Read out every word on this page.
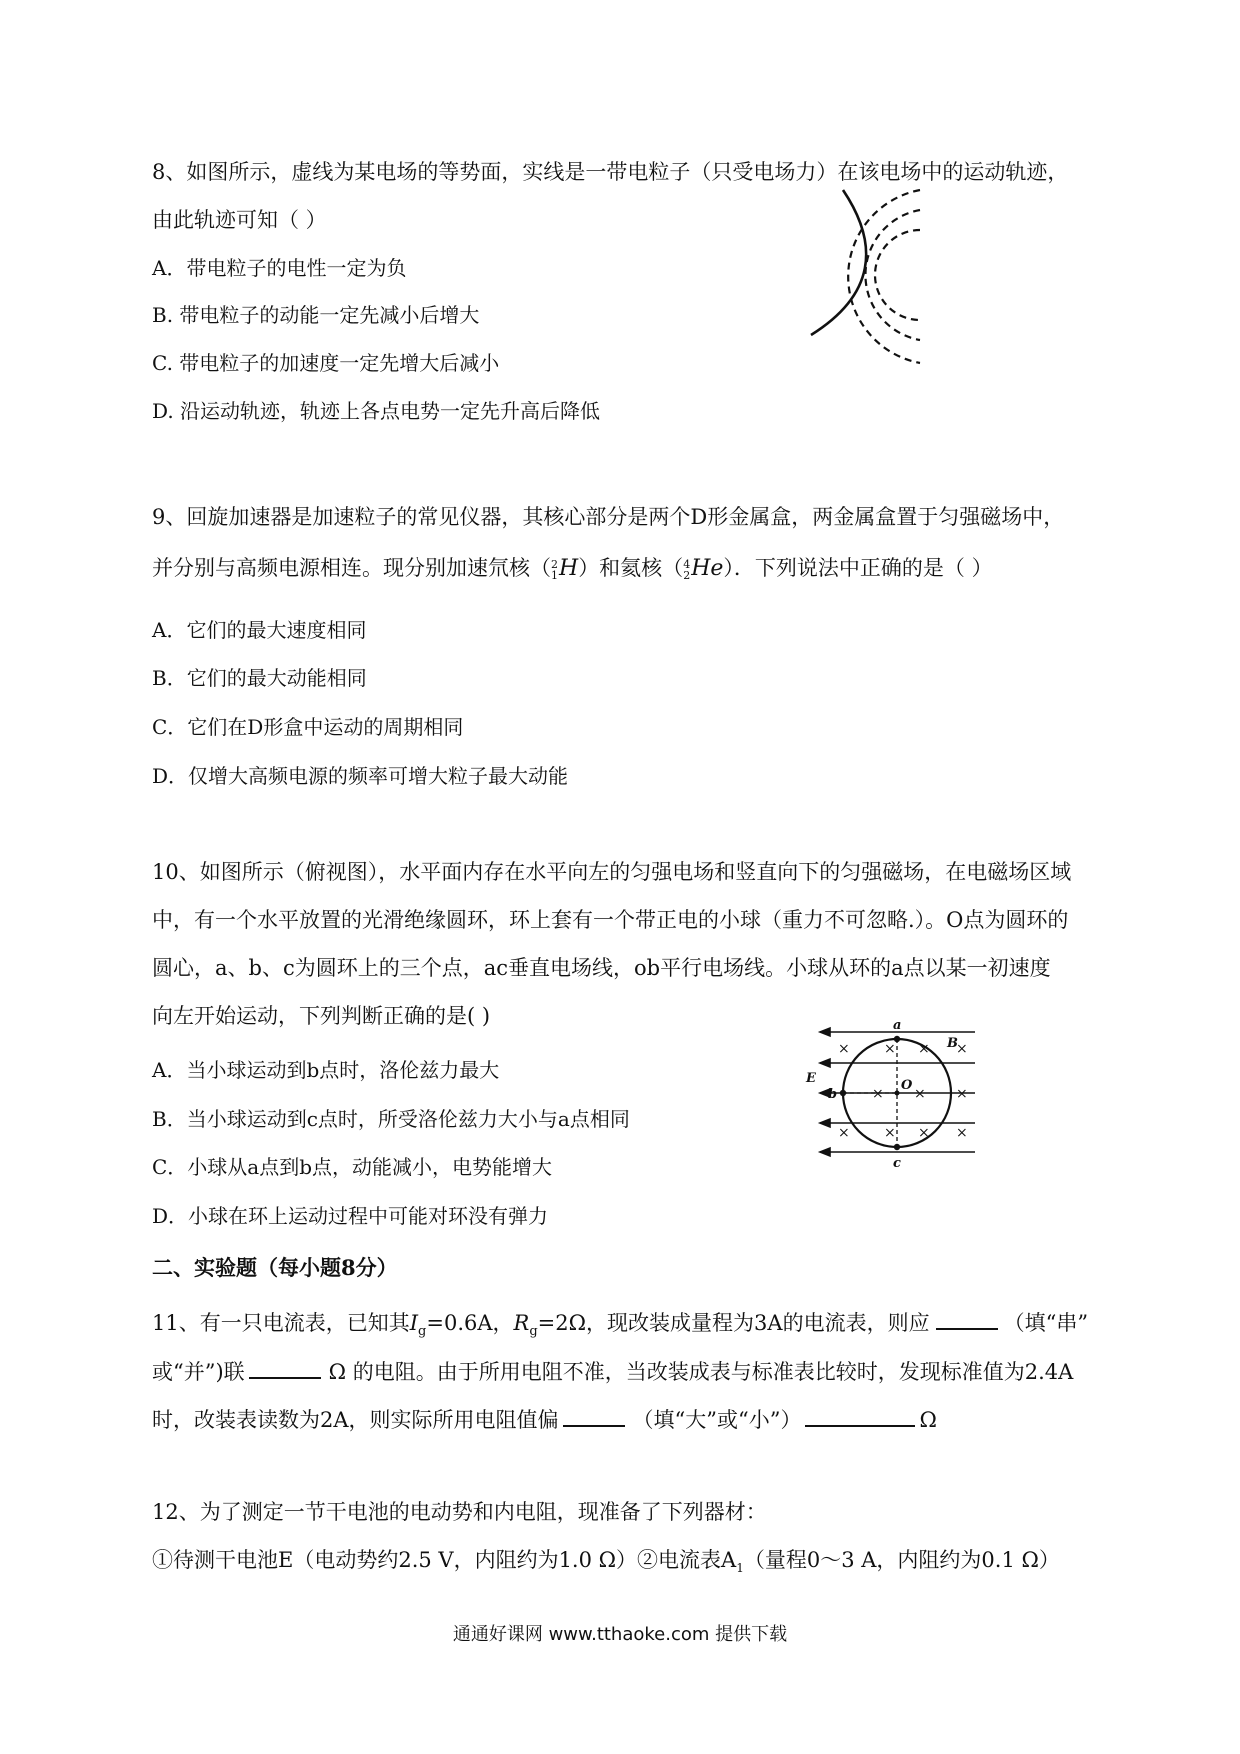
8、如图所示，虚线为某电场的等势面，实线是一带电粒子（只受电场力）在该电场中的运动轨迹，
由此轨迹可知（ ）
A．带电粒子的电性一定为负
B. 带电粒子的动能一定先减小后增大
C. 带电粒子的加速度一定先增大后减小
D. 沿运动轨迹，轨迹上各点电势一定先升高后降低
9、回旋加速器是加速粒子的常见仪器，其核心部分是两个D形金属盒，两金属盒置于匀强磁场中，
并分别与高频电源相连。现分别加速氘核（ 2
1 H）和氦核（ 4
2 He）．下列说法中正确的是（ ）
A．它们的最大速度相同
B．它们的最大动能相同
C．它们在D形盒中运动的周期相同
D．仅增大高频电源的频率可增大粒子最大动能
10、如图所示（俯视图），水平面内存在水平向左的匀强电场和竖直向下的匀强磁场，在电磁场区域
中，有一个水平放置的光滑绝缘圆环，环上套有一个带正电的小球（重力不可忽略.）。O点为圆环的
圆心，a、b、c为圆环上的三个点，ac垂直电场线，ob平行电场线。小球从环的a点以某一初速度
向左开始运动，下列判断正确的是( )
A．当小球运动到b点时，洛伦兹力最大
B．当小球运动到c点时，所受洛伦兹力大小与a点相同
C．小球从a点到b点，动能减小，电势能增大
D．小球在环上运动过程中可能对环没有弹力
× × × ×
× × ×
× × × ×
a
b
c
O
E
B
二、实验题（每小题8分）
11、有一只电流表，已知其$I_g=0.6A$，$R_g=2\Omega$，现改装成量程为3A的电流表，则应	（填“串”
或“并”)联	Ω 的电阻。由于所用电阻不准，当改装成表与标准表比较时，发现标准值为2.4A
时，改装表读数为2A，则实际所用电阻值偏	（填“大”或“小”）	Ω
12、为了测定一节干电池的电动势和内电阻，现准备了下列器材：
①待测干电池E（电动势约2.5 V，内阻约为1.0 Ω）②电流表$A_1$（量程0～3 A，内阻约为0.1 Ω）
通通好课网 www.tthaoke.com 提供下载
